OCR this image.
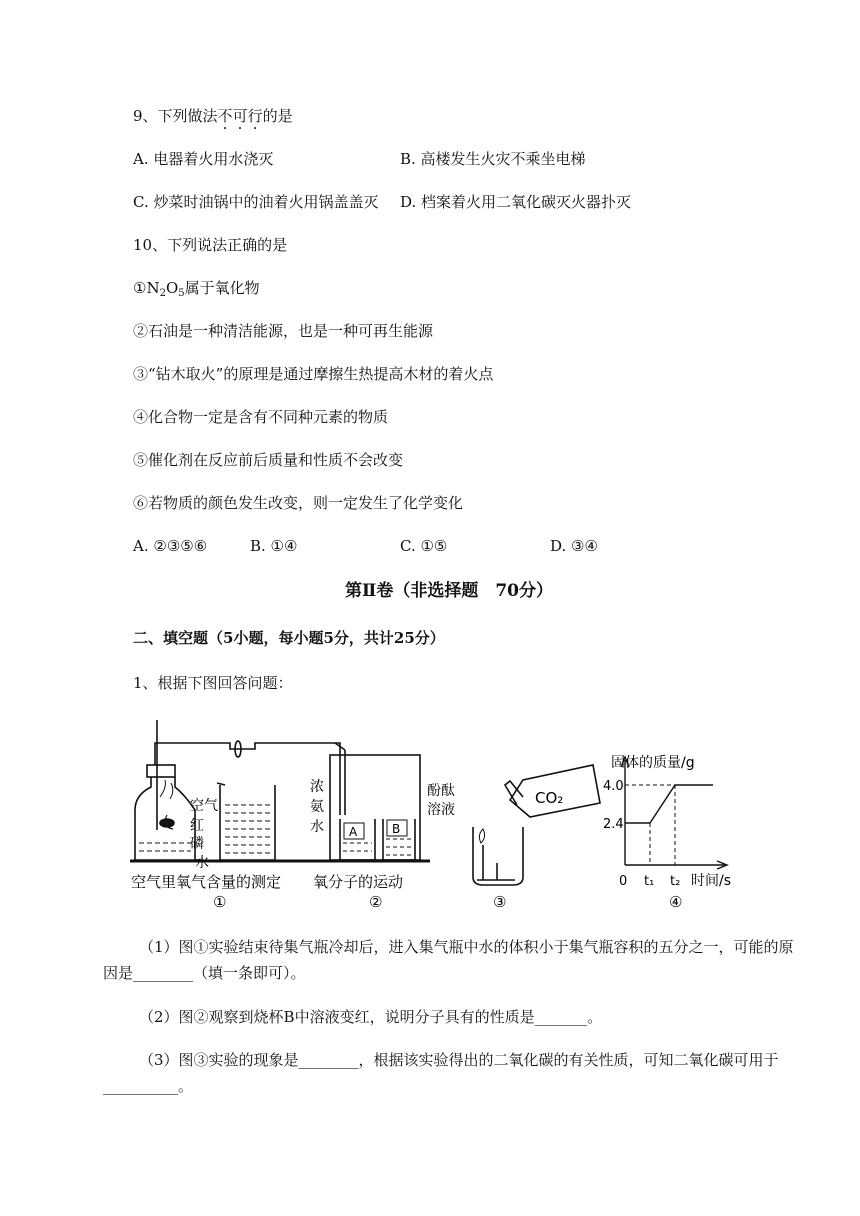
9、下列做法不可行的是
A. 电器着火用水浇灭	B. 高楼发生火灾不乘坐电梯
C. 炒菜时油锅中的油着火用锅盖盖灭 D. 档案着火用二氧化碳灭火器扑灭
10、下列说法正确的是
$①N_2O_5$属于氧化物
②石油是一种清洁能源，也是一种可再生能源
③“钻木取火”的原理是通过摩擦生热提高木材的着火点
④化合物一定是含有不同种元素的物质
⑤催化剂在反应前后质量和性质不会改变
⑥若物质的颜色发生改变，则一定发生了化学变化
A. ②③⑤⑥	B. ①④	C. ①⑤	D. ③④
第Ⅱ卷（非选择题　70分）
二、填空题（5小题，每小题5分，共计25分）
1、根据下图回答问题：
空气
红
磷
水
空气里氧气含量的测定
①
浓
氨
水
酚酞
溶液
A	B
氧分子的运动
②
CO₂
③
固体的质量/g
4.0
2.4
0 t₁ t₂ 时间/s
④
（1）图①实验结束待集气瓶冷却后，进入集气瓶中水的体积小于集气瓶容积的五分之一，可能的原因是________（填一条即可）。
（2）图②观察到烧杯B中溶液变红，说明分子具有的性质是_______。
（3）图③实验的现象是________，根据该实验得出的二氧化碳的有关性质，可知二氧化碳可用于__________。
